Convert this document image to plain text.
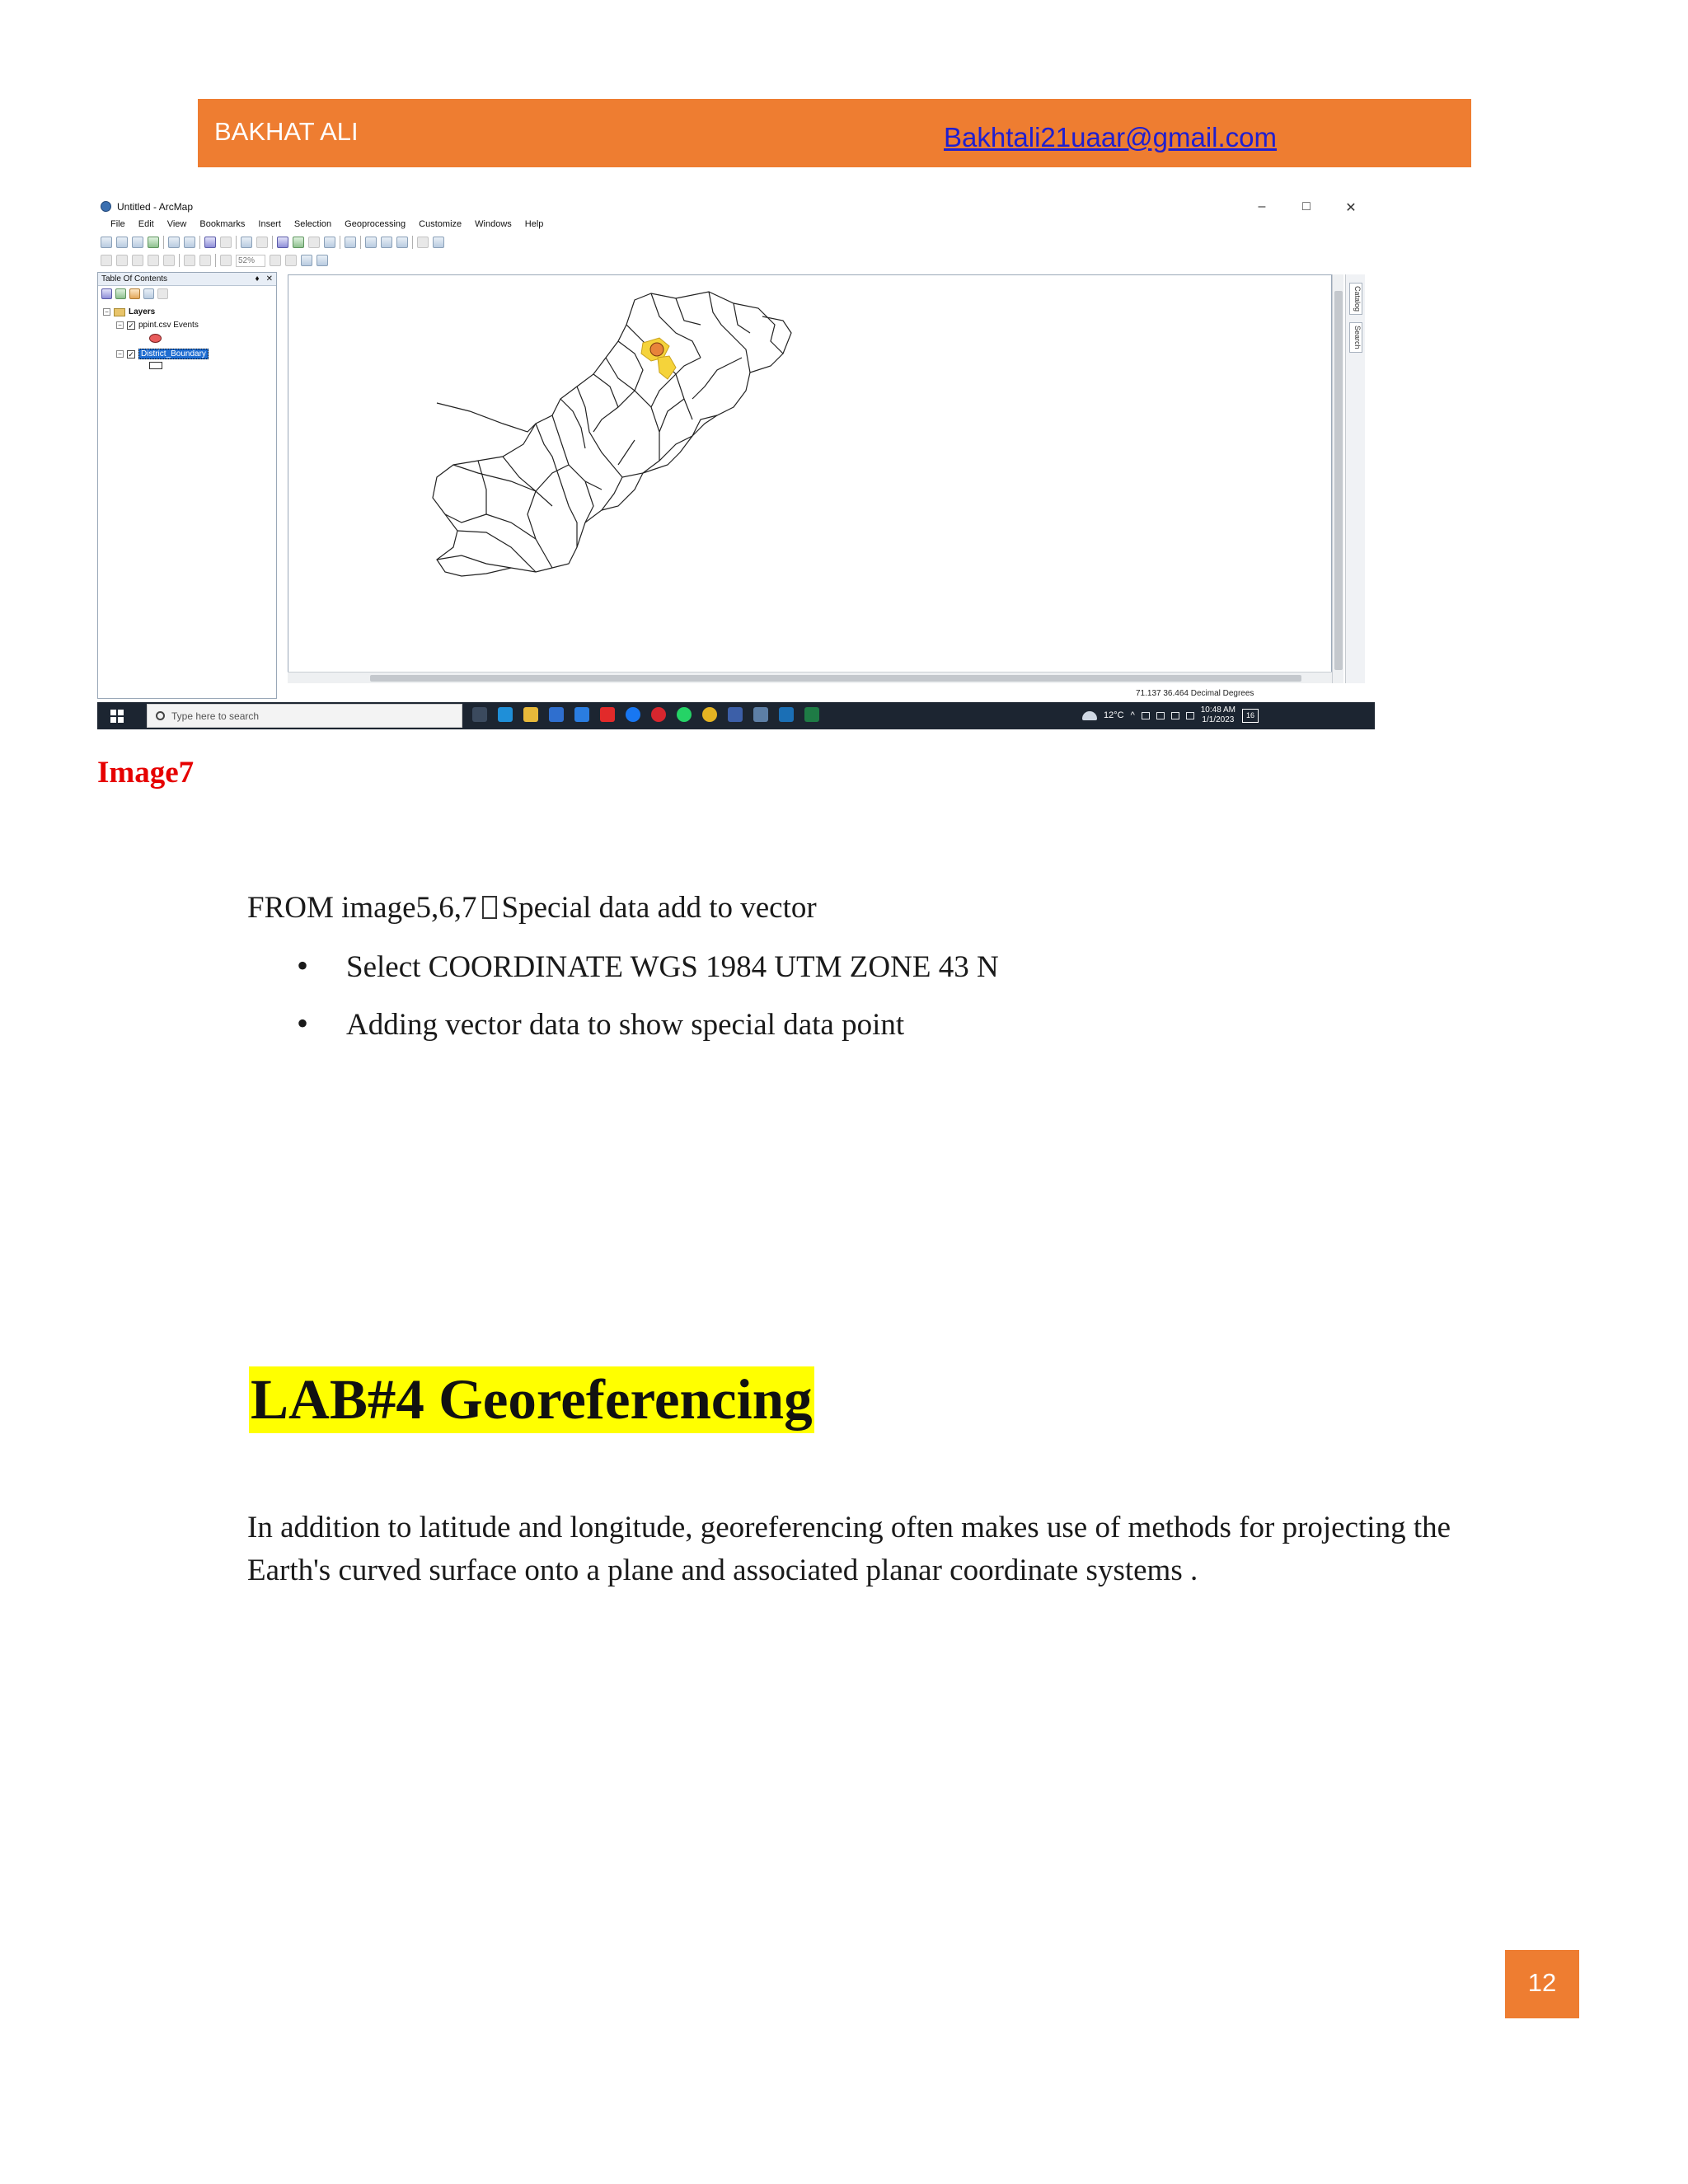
BAKHAT ALI	Bakhtali21uaar@gmail.com
Untitled - ArcMap	–	□	✕
File Edit View Bookmarks Insert Selection Geoprocessing Customize Windows Help
52%
Table Of Contents	♦ ✕
− Layers
− ✓ ppint.csv Events
− ✓ District_Boundary
Catalog
Search
71.137 36.464 Decimal Degrees
Type here to search	12°C ^
10:48 AM
1/1/2023
16
Image7
FROM image5,6,7 Special data add to vector
• Select COORDINATE WGS 1984 UTM ZONE 43 N
• Adding vector data to show special data point
LAB#4 Georeferencing
In addition to latitude and longitude, georeferencing often makes use of methods for projecting the Earth's curved surface onto a plane and associated planar coordinate systems .
12
